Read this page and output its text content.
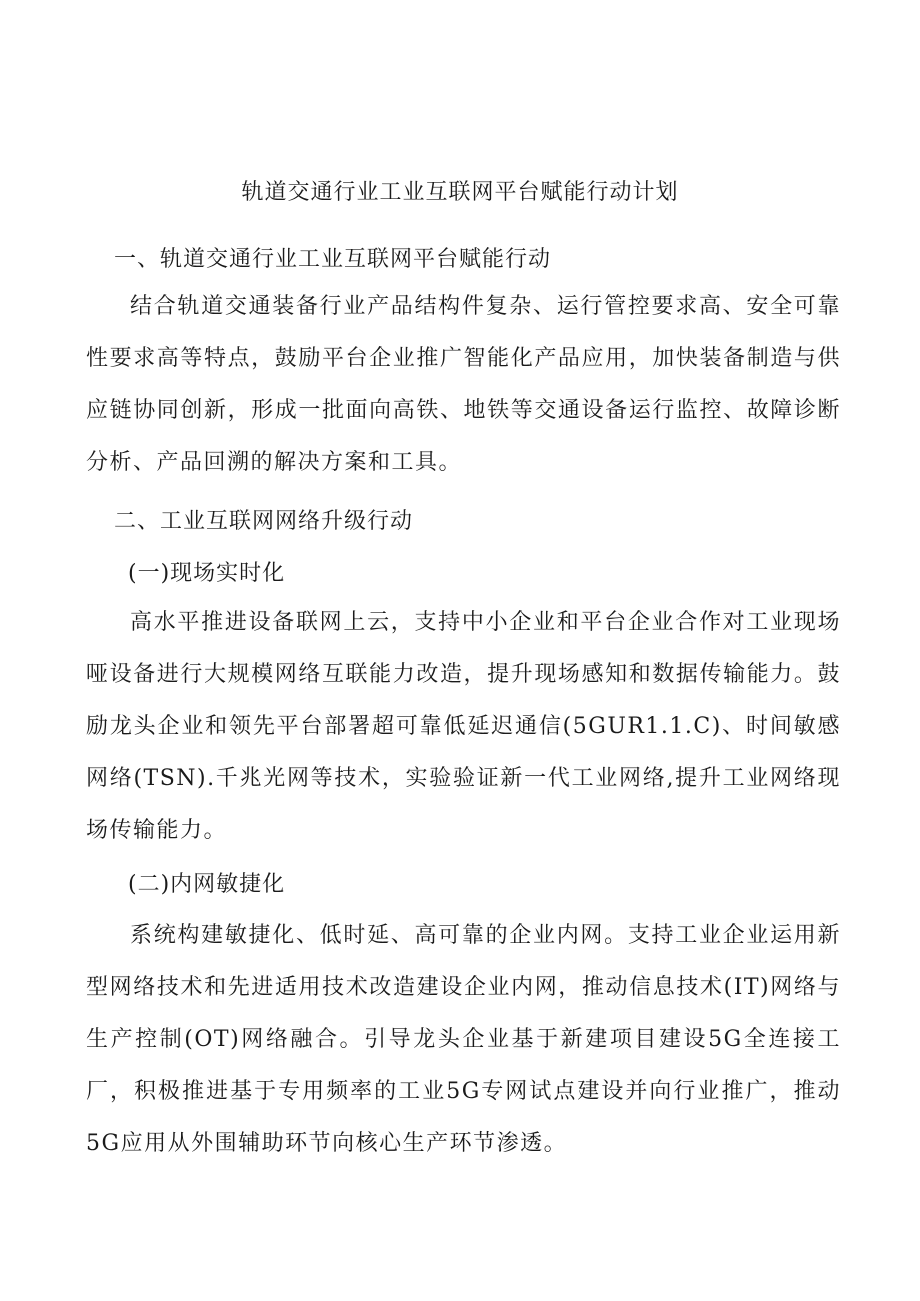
轨道交通行业工业互联网平台赋能行动计划
一、轨道交通行业工业互联网平台赋能行动
结合轨道交通装备行业产品结构件复杂、运行管控要求高、安全可靠性要求高等特点，鼓励平台企业推广智能化产品应用，加快装备制造与供应链协同创新，形成一批面向高铁、地铁等交通设备运行监控、故障诊断分析、产品回溯的解决方案和工具。
二、工业互联网网络升级行动
(一)现场实时化
高水平推进设备联网上云，支持中小企业和平台企业合作对工业现场哑设备进行大规模网络互联能力改造，提升现场感知和数据传输能力。鼓励龙头企业和领先平台部署超可靠低延迟通信(5GUR1.1.C)、时间敏感网络(TSN).千兆光网等技术，实验验证新一代工业网络,提升工业网络现场传输能力。
(二)内网敏捷化
系统构建敏捷化、低时延、高可靠的企业内网。支持工业企业运用新型网络技术和先进适用技术改造建设企业内网，推动信息技术(IT)网络与生产控制(OT)网络融合。引导龙头企业基于新建项目建设5G全连接工厂，积极推进基于专用频率的工业5G专网试点建设并向行业推广，推动5G应用从外围辅助环节向核心生产环节渗透。
